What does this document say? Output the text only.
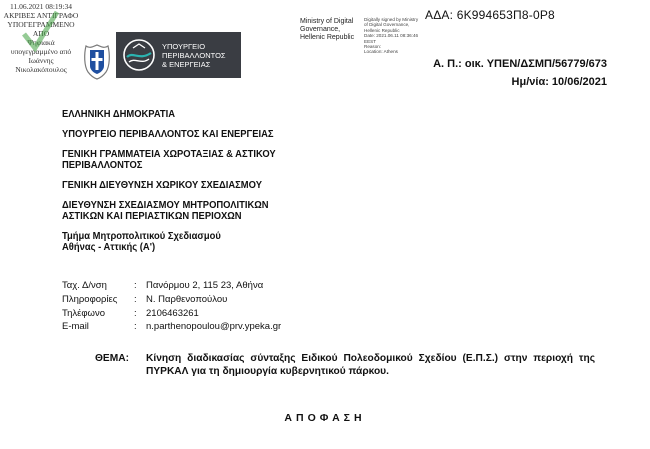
11.06.2021 08:19:34
ΑΚΡΙΒΕΣ ΑΝΤΙΓΡΑΦΟ
ΥΠΟΓΕΓΡΑΜΜΕΝΟ
ΑΠΟ
Ψηφιακά
υπογεγραμμένο από
Ιωάννης
Νικολακόπουλος
ΥΠΟΥΡΓΕΙΟ
ΠΕΡΙΒΑΛΛΟΝΤΟΣ
& ΕΝΕΡΓΕΙΑΣ
Ministry of Digital
Governance,
Hellenic Republic
Digitally signed by Ministry
of Digital Governance,
Hellenic Republic
Date: 2021.06.11 08:36:46
EEST
Reason:
Location: Athens
ΑΔΑ: 6Κ994653Π8-0Ρ8
Α. Π.: οικ. ΥΠΕΝ/ΔΣΜΠ/56779/673
Ημ/νία: 10/06/2021
ΕΛΛΗΝΙΚΗ ΔΗΜΟΚΡΑΤΙΑ
ΥΠΟΥΡΓΕΙΟ ΠΕΡΙΒΑΛΛΟΝΤΟΣ ΚΑΙ ΕΝΕΡΓΕΙΑΣ
ΓΕΝΙΚΗ ΓΡΑΜΜΑΤΕΙΑ ΧΩΡΟΤΑΞΙΑΣ & ΑΣΤΙΚΟΥ
ΠΕΡΙΒΑΛΛΟΝΤΟΣ
ΓΕΝΙΚΗ ΔΙΕΥΘΥΝΣΗ ΧΩΡΙΚΟΥ ΣΧΕΔΙΑΣΜΟΥ
ΔΙΕΥΘΥΝΣΗ ΣΧΕΔΙΑΣΜΟΥ ΜΗΤΡΟΠΟΛΙΤΙΚΩΝ
ΑΣΤΙΚΩΝ ΚΑΙ ΠΕΡΙΑΣΤΙΚΩΝ ΠΕΡΙΟΧΩΝ
Τμήμα Μητροπολιτικού Σχεδιασμού
Αθήνας - Αττικής (Α')
Ταχ. Δ/νση	: Πανόρμου 2, 115 23, Αθήνα
Πληροφορίες	: Ν. Παρθενοπούλου
Τηλέφωνο	: 2106463261
E-mail	: n.parthenopoulou@prv.ypeka.gr
ΘΕΜΑ:	Κίνηση διαδικασίας σύνταξης Ειδικού Πολεοδομικού Σχεδίου (Ε.Π.Σ.) στην περιοχή της ΠΥΡΚΑΛ για τη δημιουργία κυβερνητικού πάρκου.
ΑΠΟΦΑΣΗ
